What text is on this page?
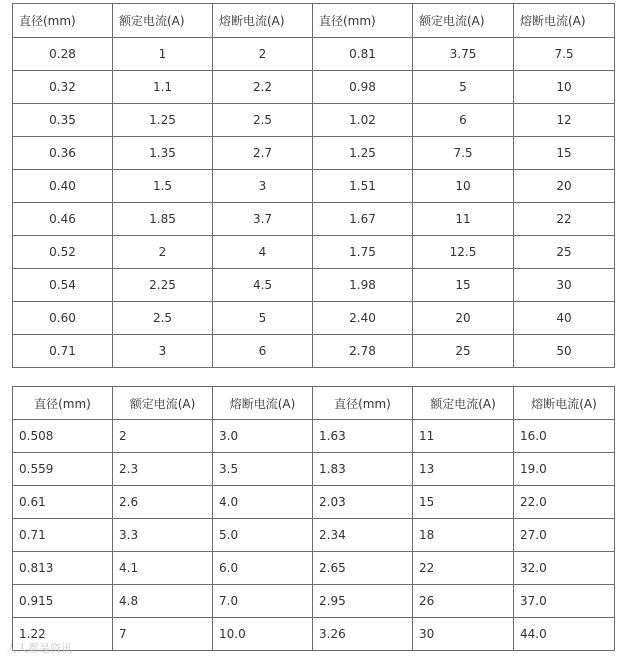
直径(mm)	额定电流(A)	熔断电流(A)	直径(mm)	额定电流(A)	熔断电流(A)
0.28	1	2	0.81	3.75	7.5
0.32	1.1	2.2	0.98	5	10
0.35	1.25	2.5	1.02	6	12
0.36	1.35	2.7	1.25	7.5	15
0.40	1.5	3	1.51	10	20
0.46	1.85	3.7	1.67	11	22
0.52	2	4	1.75	12.5	25
0.54	2.25	4.5	1.98	15	30
0.60	2.5	5	2.40	20	40
0.71	3	6	2.78	25	50
直径(mm)	额定电流(A)	熔断电流(A)	直径(mm)	额定电流(A)	熔断电流(A)
0.508	2	3.0	1.63	11	16.0
0.559	2.3	3.5	1.83	13	19.0
0.61	2.6	4.0	2.03	15	22.0
0.71	3.3	5.0	2.34	18	27.0
0.813	4.1	6.0	2.65	22	32.0
0.915	4.8	7.0	2.95	26	37.0
1.22	7	10.0	3.26	30	44.0
人人都是资讯
